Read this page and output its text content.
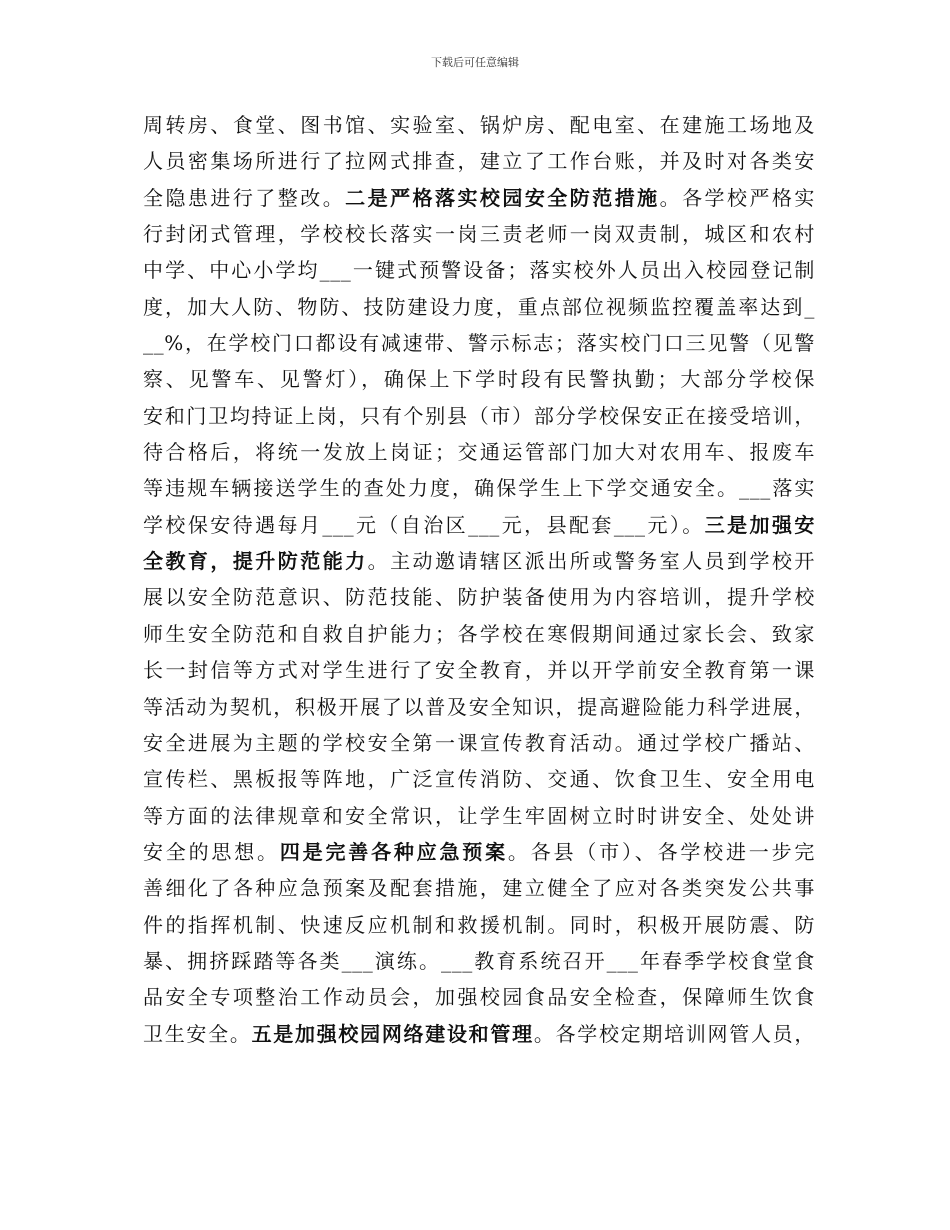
下载后可任意编辑
周转房、食堂、图书馆、实验室、锅炉房、配电室、在建施工场地及
人员密集场所进行了拉网式排查，建立了工作台账，并及时对各类安
全隐患进行了整改。二是严格落实校园安全防范措施。各学校严格实
行封闭式管理，学校校长落实一岗三责老师一岗双责制，城区和农村
中学、中心小学均___一键式预警设备；落实校外人员出入校园登记制
度，加大人防、物防、技防建设力度，重点部位视频监控覆盖率达到_
__%，在学校门口都设有减速带、警示标志；落实校门口三见警（见警
察、见警车、见警灯），确保上下学时段有民警执勤；大部分学校保
安和门卫均持证上岗，只有个别县（市）部分学校保安正在接受培训，
待合格后，将统一发放上岗证；交通运管部门加大对农用车、报废车
等违规车辆接送学生的查处力度，确保学生上下学交通安全。___落实
学校保安待遇每月___元（自治区___元，县配套___元）。三是加强安
全教育，提升防范能力。主动邀请辖区派出所或警务室人员到学校开
展以安全防范意识、防范技能、防护装备使用为内容培训，提升学校
师生安全防范和自救自护能力；各学校在寒假期间通过家长会、致家
长一封信等方式对学生进行了安全教育，并以开学前安全教育第一课
等活动为契机，积极开展了以普及安全知识，提高避险能力科学进展，
安全进展为主题的学校安全第一课宣传教育活动。通过学校广播站、
宣传栏、黑板报等阵地，广泛宣传消防、交通、饮食卫生、安全用电
等方面的法律规章和安全常识，让学生牢固树立时时讲安全、处处讲
安全的思想。四是完善各种应急预案。各县（市）、各学校进一步完
善细化了各种应急预案及配套措施，建立健全了应对各类突发公共事
件的指挥机制、快速反应机制和救援机制。同时，积极开展防震、防
暴、拥挤踩踏等各类___演练。___教育系统召开___年春季学校食堂食
品安全专项整治工作动员会，加强校园食品安全检查，保障师生饮食
卫生安全。五是加强校园网络建设和管理。各学校定期培训网管人员，
